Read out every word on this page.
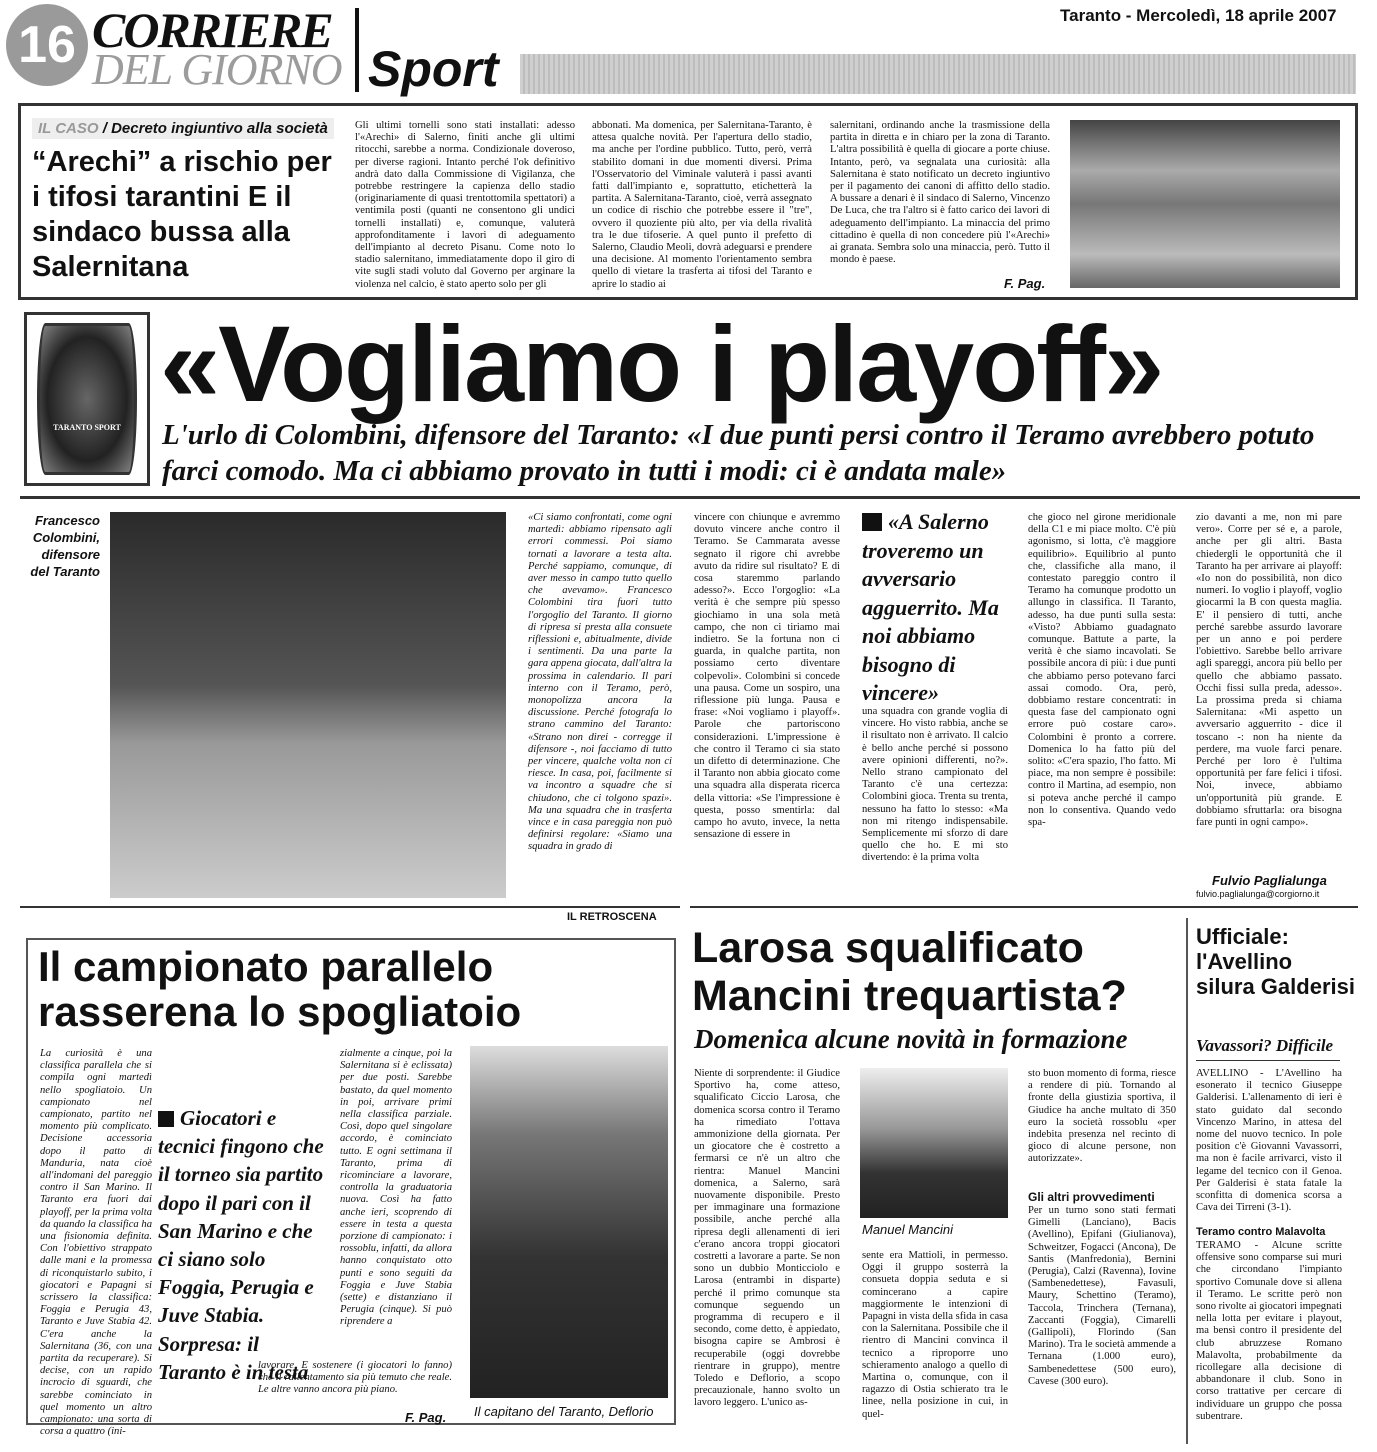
16 CORRIERE
DEL GIORNO Sport
Taranto - Mercoledì, 18 aprile 2007
IL CASO / Decreto ingiuntivo alla società
“Arechi” a rischio per i tifosi tarantini E il sindaco bussa alla Salernitana
Gli ultimi tornelli sono stati installati: adesso l'«Arechi» di Salerno, finiti anche gli ultimi ritocchi, sarebbe a norma. Condizionale doveroso, per diverse ragioni. Intanto perché l'ok definitivo andrà dato dalla Commissione di Vigilanza, che potrebbe restringere la capienza dello stadio (originariamente di quasi trentottomila spettatori) a ventimila posti (quanti ne consentono gli undici tornelli installati) e, comunque, valuterà approfonditamente i lavori di adeguamento dell'impianto al decreto Pisanu. Come noto lo stadio salernitano, immediatamente dopo il giro di vite sugli stadi voluto dal Governo per arginare la violenza nel calcio, è stato aperto solo per gli
abbonati. Ma domenica, per Salernitana-Taranto, è attesa qualche novità. Per l'apertura dello stadio, ma anche per l'ordine pubblico. Tutto, però, verrà stabilito domani in due momenti diversi. Prima l'Osservatorio del Viminale valuterà i passi avanti fatti dall'impianto e, soprattutto, etichetterà la partita. A Salernitana-Taranto, cioè, verrà assegnato un codice di rischio che potrebbe essere il "tre", ovvero il quoziente più alto, per via della rivalità tra le due tifoserie. A quel punto il prefetto di Salerno, Claudio Meoli, dovrà adeguarsi e prendere una decisione. Al momento l'orientamento sembra quello di vietare la trasferta ai tifosi del Taranto e aprire lo stadio ai
salernitani, ordinando anche la trasmissione della partita in diretta e in chiaro per la zona di Taranto. L'altra possibilità è quella di giocare a porte chiuse. Intanto, però, va segnalata una curiosità: alla Salernitana è stato notificato un decreto ingiuntivo per il pagamento dei canoni di affitto dello stadio. A bussare a denari è il sindaco di Salerno, Vincenzo De Luca, che tra l'altro si è fatto carico dei lavori di adeguamento dell'impianto. La minaccia del primo cittadino è quella di non concedere più l'«Arechi» ai granata. Sembra solo una minaccia, però. Tutto il mondo è paese.
F. Pag.
TARANTO SPORT
«Vogliamo i playoff»
L'urlo di Colombini, difensore del Taranto: «I due punti persi contro il Teramo avrebbero potuto farci comodo. Ma ci abbiamo provato in tutti i modi: ci è andata male»
Francesco Colombini, difensore del Taranto
«Ci siamo confrontati, come ogni martedì: abbiamo ripensato agli errori commessi. Poi siamo tornati a lavorare a testa alta. Perché sappiamo, comunque, di aver messo in campo tutto quello che avevamo». Francesco Colombini tira fuori tutto l'orgoglio del Taranto. Il giorno di ripresa si presta alla consuete riflessioni e, abitualmente, divide i sentimenti. Da una parte la gara appena giocata, dall'altra la prossima in calendario. Il pari interno con il Teramo, però, monopolizza ancora la discussione. Perché fotografa lo strano cammino del Taranto: «Strano non direi - corregge il difensore -, noi facciamo di tutto per vincere, qualche volta non ci riesce. In casa, poi, facilmente si va incontro a squadre che si chiudono, che ci tolgono spazi». Ma una squadra che in trasferta vince e in casa pareggia non può definirsi regolare: «Siamo una squadra in grado di
vincere con chiunque e avremmo dovuto vincere anche contro il Teramo. Se Cammarata avesse segnato il rigore chi avrebbe avuto da ridire sul risultato? E di cosa staremmo parlando adesso?». Ecco l'orgoglio: «La verità è che sempre più spesso giochiamo in una sola metà campo, che non ci tiriamo mai indietro. Se la fortuna non ci guarda, in qualche partita, non possiamo certo diventare colpevoli». Colombini si concede una pausa. Come un sospiro, una riflessione più lunga. Pausa e frase: «Noi vogliamo i playoff». Parole che partoriscono considerazioni. L'impressione è che contro il Teramo ci sia stato un difetto di determinazione. Che il Taranto non abbia giocato come una squadra alla disperata ricerca della vittoria: «Se l'impressione è questa, posso smentirla: dal campo ho avuto, invece, la netta sensazione di essere in
«A Salerno troveremo un avversario agguerrito. Ma noi abbiamo bisogno di vincere»
una squadra con grande voglia di vincere. Ho visto rabbia, anche se il risultato non è arrivato. Il calcio è bello anche perché si possono avere opinioni differenti, no?». Nello strano campionato del Taranto c'è una certezza: Colombini gioca. Trenta su trenta, nessuno ha fatto lo stesso: «Ma non mi ritengo indispensabile. Semplicemente mi sforzo di dare quello che ho. E mi sto divertendo: è la prima volta
che gioco nel girone meridionale della C1 e mi piace molto. C'è più agonismo, si lotta, c'è maggiore equilibrio». Equilibrio al punto che, classifiche alla mano, il contestato pareggio contro il Teramo ha comunque prodotto un allungo in classifica. Il Taranto, adesso, ha due punti sulla sesta: «Visto? Abbiamo guadagnato comunque. Battute a parte, la verità è che siamo incavolati. Se possibile ancora di più: i due punti che abbiamo perso potevano farci assai comodo. Ora, però, dobbiamo restare concentrati: in questa fase del campionato ogni errore può costare caro». Colombini è pronto a correre. Domenica lo ha fatto più del solito: «C'era spazio, l'ho fatto. Mi piace, ma non sempre è possibile: contro il Martina, ad esempio, non si poteva anche perché il campo non lo consentiva. Quando vedo spa-
zio davanti a me, non mi pare vero». Corre per sé e, a parole, anche per gli altri. Basta chiedergli le opportunità che il Taranto ha per arrivare ai playoff: «Io non do possibilità, non dico numeri. Io voglio i playoff, voglio giocarmi la B con questa maglia. E' il pensiero di tutti, anche perché sarebbe assurdo lavorare per un anno e poi perdere l'obiettivo. Sarebbe bello arrivare agli spareggi, ancora più bello per quello che abbiamo passato. Occhi fissi sulla preda, adesso». La prossima preda si chiama Salernitana: «Mi aspetto un avversario agguerrito - dice il toscano -: non ha niente da perdere, ma vuole farci penare. Perché per loro è l'ultima opportunità per fare felici i tifosi. Noi, invece, abbiamo un'opportunità più grande. E dobbiamo sfruttarla: ora bisogna fare punti in ogni campo».
Fulvio Paglialunga
fulvio.paglialunga@corgiorno.it
IL RETROSCENA
Il campionato parallelo rasserena lo spogliatoio
La curiosità è una classifica parallela che si compila ogni martedì nello spogliatoio. Un campionato nel campionato, partito nel momento più complicato. Decisione accessoria dopo il patto di Manduria, nata cioè all'indomani del pareggio contro il San Marino. Il Taranto era fuori dai playoff, per la prima volta da quando la classifica ha una fisionomia definita. Con l'obiettivo strappato dalle mani e la promessa di riconquistarlo subito, i giocatori e Papagni si scrissero la classifica: Foggia e Perugia 43, Taranto e Juve Stabia 42. C'era anche la Salernitana (36, con una partita da recuperare). Si decise, con un rapido incrocio di sguardi, che sarebbe cominciato in quel momento un altro campionato: una sorta di corsa a quattro (ini-
Giocatori e tecnici fingono che il torneo sia partito dopo il pari con il San Marino e che ci siano solo Foggia, Perugia e Juve Stabia. Sorpresa: il Taranto è in testa
zialmente a cinque, poi la Salernitana si è eclissata) per due posti. Sarebbe bastato, da quel momento in poi, arrivare primi nella classifica parziale. Così, dopo quel singolare accordo, è cominciato tutto. E ogni settimana il Taranto, prima di ricominciare a lavorare, controlla la graduatoria nuova. Così ha fatto anche ieri, scoprendo di essere in testa a questa porzione di campionato: i rossoblu, infatti, da allora hanno conquistato otto punti e sono seguiti da Foggia e Juve Stabia (sette) e distanziano il Perugia (cinque). Si può riprendere a
lavorare. E sostenere (i giocatori lo fanno) che il rallentamento sia più temuto che reale. Le altre vanno ancora più piano.
F. Pag. Il capitano del Taranto, Deflorio
Larosa squalificato Mancini trequartista?
Domenica alcune novità in formazione
Niente di sorprendente: il Giudice Sportivo ha, come atteso, squalificato Ciccio Larosa, che domenica scorsa contro il Teramo ha rimediato l'ottava ammonizione della giornata. Per un giocatore che è costretto a fermarsi ce n'è un altro che rientra: Manuel Mancini domenica, a Salerno, sarà nuovamente disponibile. Presto per immaginare una formazione possibile, anche perché alla ripresa degli allenamenti di ieri c'erano ancora troppi giocatori costretti a lavorare a parte. Se non sono un dubbio Monticciolo e Larosa (entrambi in disparte) perché il primo comunque sta comunque seguendo un programma di recupero e il secondo, come detto, è appiedato, bisogna capire se Ambrosi è recuperabile (oggi dovrebbe rientrare in gruppo), mentre Toledo e Deflorio, a scopo precauzionale, hanno svolto un lavoro leggero. L'unico as-
Manuel Mancini
sente era Mattioli, in permesso. Oggi il gruppo sosterrà la consueta doppia seduta e si comincerano a capire maggiormente le intenzioni di Papagni in vista della sfida in casa con la Salernitana. Possibile che il rientro di Mancini convinca il tecnico a riproporre uno schieramento analogo a quello di Martina o, comunque, con il ragazzo di Ostia schierato tra le linee, nella posizione in cui, in quel-
sto buon momento di forma, riesce a rendere di più. Tornando al fronte della giustizia sportiva, il Giudice ha anche multato di 350 euro la società rossoblu «per indebita presenza nel recinto di gioco di alcune persone, non autorizzate».
Gli altri provvedimenti
Per un turno sono stati fermati Gimelli (Lanciano), Bacis (Avellino), Epifani (Giulianova), Schweitzer, Fogacci (Ancona), De Santis (Manfredonia), Bernini (Perugia), Calzi (Ravenna), Iovine (Sambenedettese), Favasuli, Maury, Schettino (Teramo), Taccola, Trinchera (Ternana), Zaccanti (Foggia), Cimarelli (Gallipoli), Florindo (San Marino). Tra le società ammende a Ternana (1.000 euro), Sambenedettese (500 euro), Cavese (300 euro).
Ufficiale: l'Avellino silura Galderisi
Vavassori? Difficile
AVELLINO - L'Avellino ha esonerato il tecnico Giuseppe Galderisi. L'allenamento di ieri è stato guidato dal secondo Vincenzo Marino, in attesa del nome del nuovo tecnico. In pole position c'è Giovanni Vavassorri, ma non è facile arrivarci, visto il legame del tecnico con il Genoa. Per Galderisi è stata fatale la sconfitta di domenica scorsa a Cava dei Tirreni (3-1).
Teramo contro Malavolta
TERAMO - Alcune scritte offensive sono comparse sui muri che circondano l'impianto sportivo Comunale dove si allena il Teramo. Le scritte però non sono rivolte ai giocatori impegnati nella lotta per evitare i playout, ma bensì contro il presidente del club abruzzese Romano Malavolta, probabilmente da ricollegare alla decisione di abbandonare il club. Sono in corso trattative per cercare di individuare un gruppo che possa subentrare.
